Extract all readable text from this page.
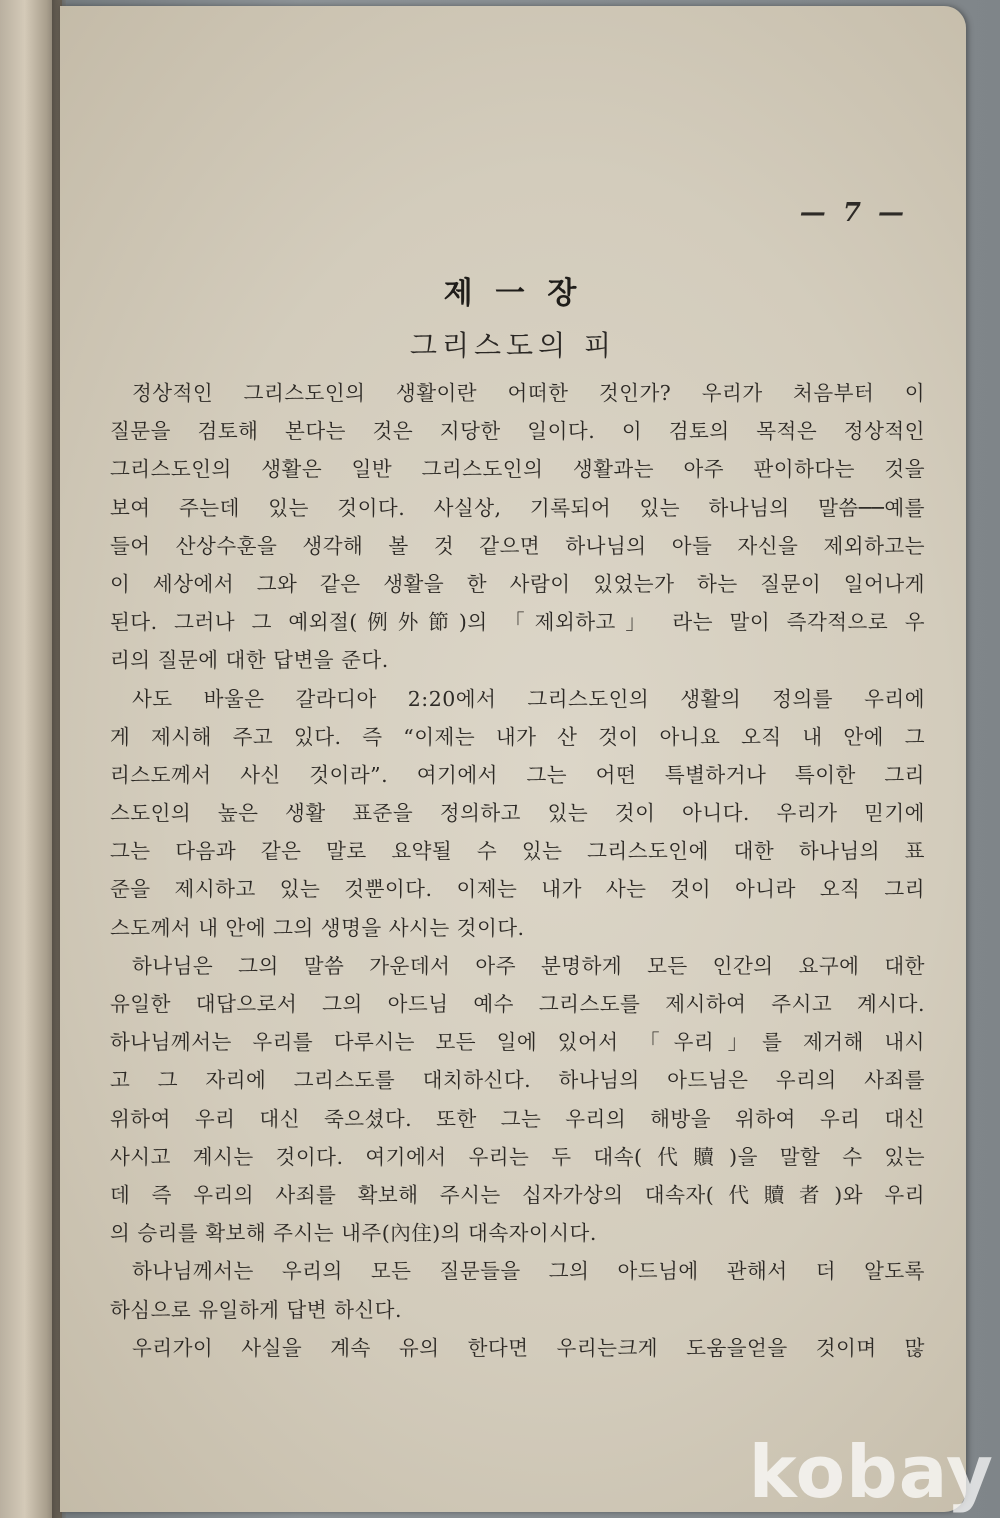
— 7 —
제 一 장
그리스도의 피
정상적인 그리스도인의 생활이란 어떠한 것인가? 우리가 처음부터 이
질문을 검토해 본다는 것은 지당한 일이다. 이 검토의 목적은 정상적인
그리스도인의 생활은 일반 그리스도인의 생활과는 아주 판이하다는 것을
보여 주는데 있는 것이다. 사실상, 기록되어 있는 하나님의 말씀──예를
들어 산상수훈을 생각해 볼 것 같으면 하나님의 아들 자신을 제외하고는
이 세상에서 그와 같은 생활을 한 사람이 있었는가 하는 질문이 일어나게
된다. 그러나 그 예외절(例外節)의 「제외하고」 라는 말이 즉각적으로 우
리의 질문에 대한 답변을 준다.
사도 바울은 갈라디아 2:20에서 그리스도인의 생활의 정의를 우리에
게 제시해 주고 있다. 즉 “이제는 내가 산 것이 아니요 오직 내 안에 그
리스도께서 사신 것이라”. 여기에서 그는 어떤 특별하거나 특이한 그리
스도인의 높은 생활 표준을 정의하고 있는 것이 아니다. 우리가 믿기에
그는 다음과 같은 말로 요약될 수 있는 그리스도인에 대한 하나님의 표
준을 제시하고 있는 것뿐이다. 이제는 내가 사는 것이 아니라 오직 그리
스도께서 내 안에 그의 생명을 사시는 것이다.
하나님은 그의 말씀 가운데서 아주 분명하게 모든 인간의 요구에 대한
유일한 대답으로서 그의 아드님 예수 그리스도를 제시하여 주시고 계시다.
하나님께서는 우리를 다루시는 모든 일에 있어서 「우리」를 제거해 내시
고 그 자리에 그리스도를 대치하신다. 하나님의 아드님은 우리의 사죄를
위하여 우리 대신 죽으셨다. 또한 그는 우리의 해방을 위하여 우리 대신
사시고 계시는 것이다. 여기에서 우리는 두 대속(代贖)을 말할 수 있는
데 즉 우리의 사죄를 확보해 주시는 십자가상의 대속자(代贖者)와 우리
의 승리를 확보해 주시는 내주(內住)의 대속자이시다.
하나님께서는 우리의 모든 질문들을 그의 아드님에 관해서 더 알도록
하심으로 유일하게 답변 하신다.
우리가이 사실을 계속 유의 한다면 우리는크게 도움을얻을 것이며 많
kobay
